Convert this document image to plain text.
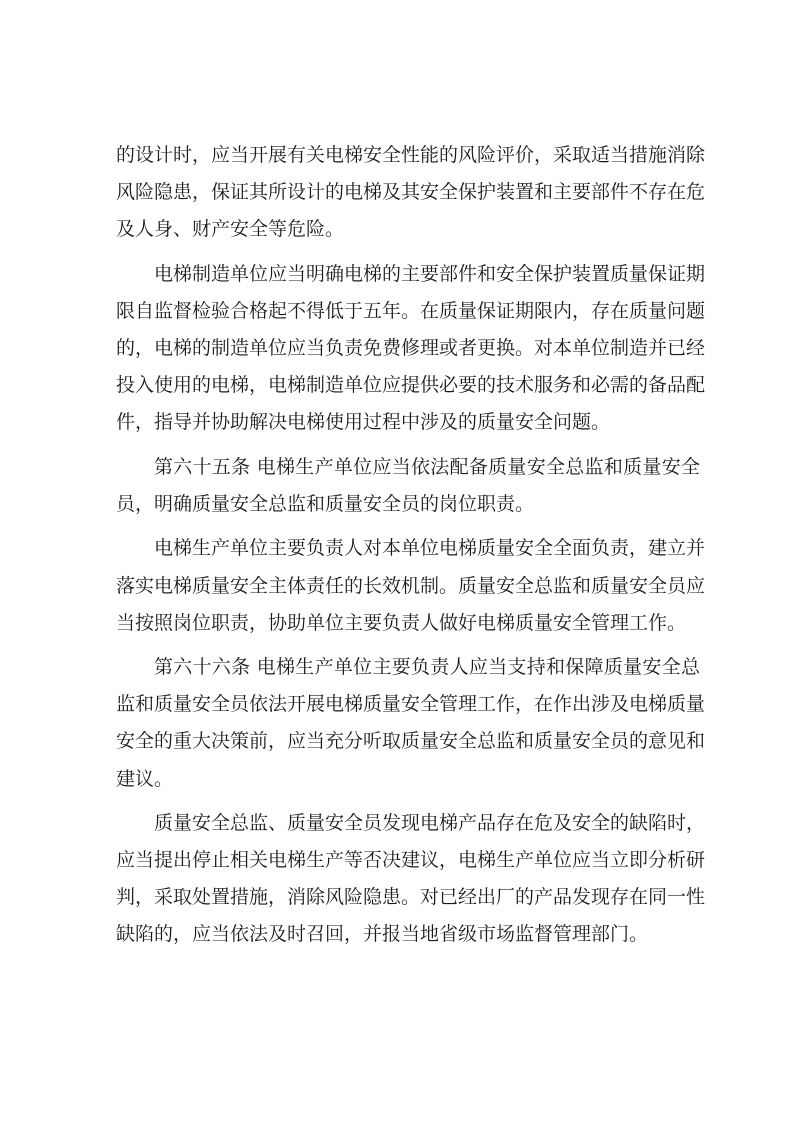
的设计时，应当开展有关电梯安全性能的风险评价，采取适当措施消除
风险隐患，保证其所设计的电梯及其安全保护装置和主要部件不存在危
及人身、财产安全等危险。
电梯制造单位应当明确电梯的主要部件和安全保护装置质量保证期
限自监督检验合格起不得低于五年。在质量保证期限内，存在质量问题
的，电梯的制造单位应当负责免费修理或者更换。对本单位制造并已经
投入使用的电梯，电梯制造单位应提供必要的技术服务和必需的备品配
件，指导并协助解决电梯使用过程中涉及的质量安全问题。
第六十五条 电梯生产单位应当依法配备质量安全总监和质量安全
员，明确质量安全总监和质量安全员的岗位职责。
电梯生产单位主要负责人对本单位电梯质量安全全面负责，建立并
落实电梯质量安全主体责任的长效机制。质量安全总监和质量安全员应
当按照岗位职责，协助单位主要负责人做好电梯质量安全管理工作。
第六十六条 电梯生产单位主要负责人应当支持和保障质量安全总
监和质量安全员依法开展电梯质量安全管理工作，在作出涉及电梯质量
安全的重大决策前，应当充分听取质量安全总监和质量安全员的意见和
建议。
质量安全总监、质量安全员发现电梯产品存在危及安全的缺陷时，
应当提出停止相关电梯生产等否决建议，电梯生产单位应当立即分析研
判，采取处置措施，消除风险隐患。对已经出厂的产品发现存在同一性
缺陷的，应当依法及时召回，并报当地省级市场监督管理部门。
